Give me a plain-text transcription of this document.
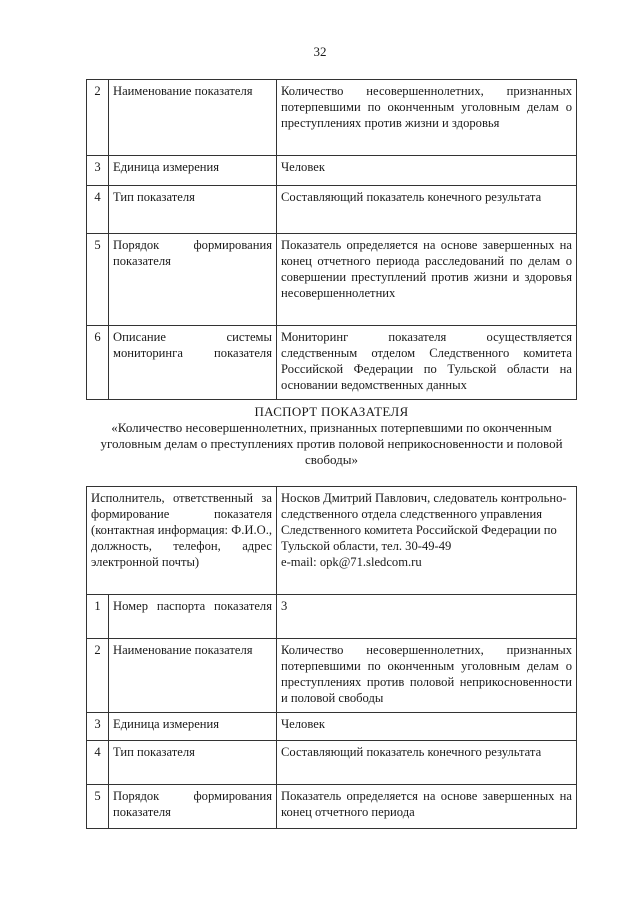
32
2	Наименование показателя	Количество несовершеннолетних, признанных потерпевшими по оконченным уголовным делам о преступлениях против жизни и здоровья
3	Единица измерения	Человек
4	Тип показателя	Составляющий показатель конечного результата
5	Порядок формирования показателя	Показатель определяется на основе завершенных на конец отчетного периода расследований по делам о совершении преступлений против жизни и здоровья несовершеннолетних
6	Описание системы мониторинга показателя	Мониторинг показателя осуществляется следственным отделом Следственного комитета Российской Федерации по Тульской области на основании ведомственных данных
ПАСПОРТ ПОКАЗАТЕЛЯ
«Количество несовершеннолетних, признанных потерпевшими по оконченным уголовным делам о преступлениях против половой неприкосновенности и половой свободы»
Исполнитель, ответственный за формирование показателя (контактная информация: Ф.И.О., должность, телефон, адрес электронной почты)		Носков Дмитрий Павлович, следователь контрольно-следственного отдела следственного управления Следственного комитета Российской Федерации по Тульской области, тел. 30-49-49
e-mail: opk@71.sledcom.ru

1	Номер паспорта показателя	3
2	Наименование показателя	Количество несовершеннолетних, признанных потерпевшими по оконченным уголовным делам о преступлениях против половой неприкосновенности и половой свободы
3	Единица измерения	Человек
4	Тип показателя	Составляющий показатель конечного результата
5	Порядок формирования показателя	Показатель определяется на основе завершенных на конец отчетного периода
